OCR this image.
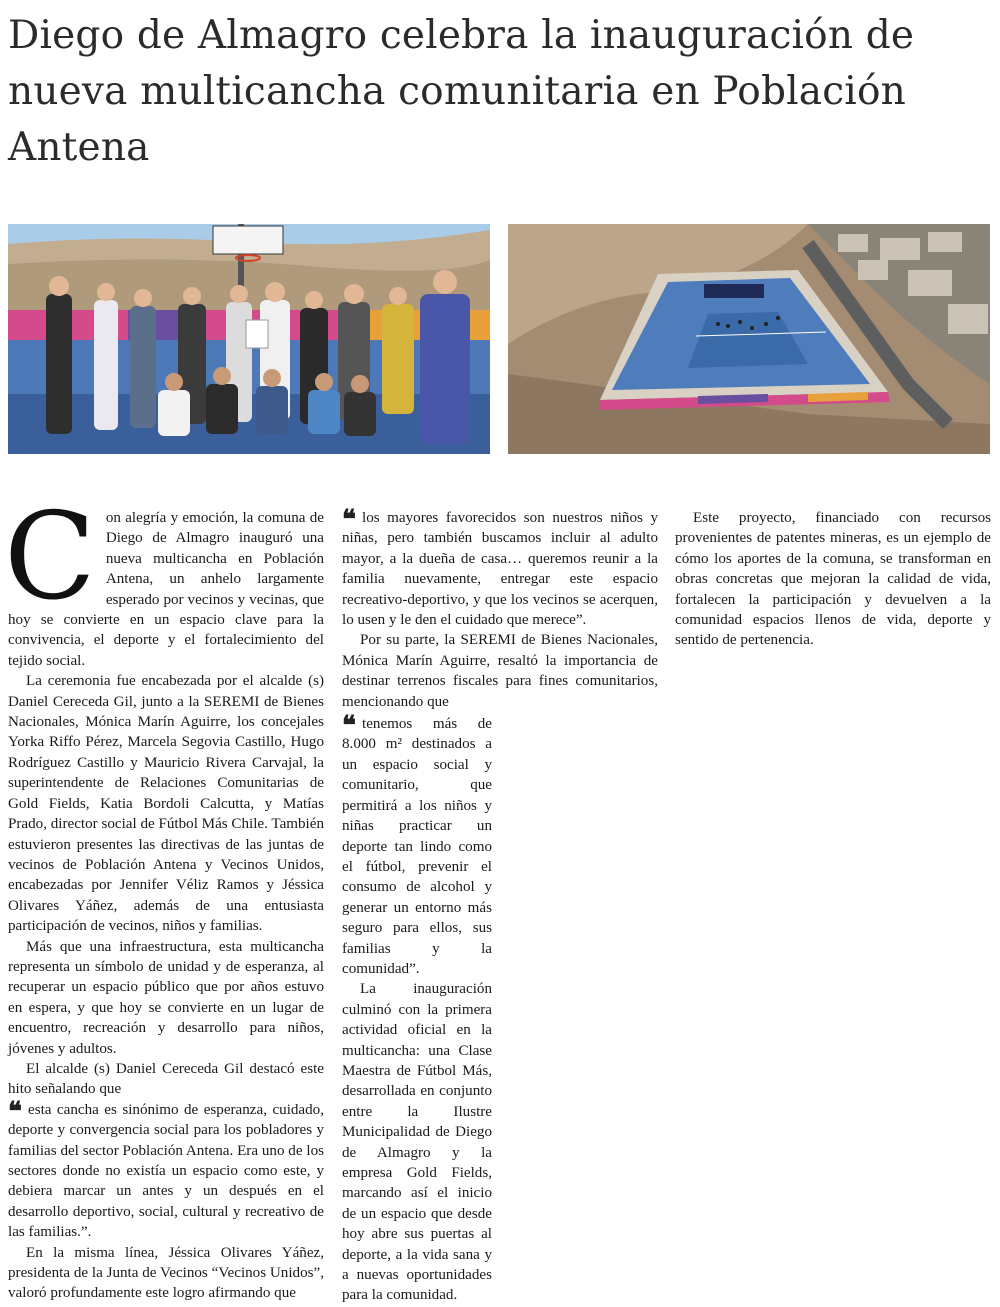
Diego de Almagro celebra la inauguración de nueva multicancha comunitaria en Población Antena

Con alegría y emoción, la comuna de Diego de Almagro inauguró una nueva multicancha en Población Antena, un anhelo largamente esperado por vecinos y vecinas, que hoy se convierte en un espacio clave para la convivencia, el deporte y el fortalecimiento del tejido social.

La ceremonia fue encabezada por el alcalde (s) Daniel Cereceda Gil, junto a la SEREMI de Bienes Nacionales, Mónica Marín Aguirre, los concejales Yorka Riffo Pérez, Marcela Segovia Castillo, Hugo Rodríguez Castillo y Mauricio Rivera Carvajal, la superintendente de Relaciones Comunitarias de Gold Fields, Katia Bordoli Calcutta, y Matías Prado, director social de Fútbol Más Chile. También estuvieron presentes las directivas de las juntas de vecinos de Población Antena y Vecinos Unidos, encabezadas por Jennifer Véliz Ramos y Jéssica Olivares Yáñez, además de una entusiasta participación de vecinos, niños y familias.

Más que una infraestructura, esta multicancha representa un símbolo de unidad y de esperanza, al recuperar un espacio público que por años estuvo en espera, y que hoy se convierte en un lugar de encuentro, recreación y desarrollo para niños, jóvenes y adultos.

El alcalde (s) Daniel Cereceda Gil destacó este hito señalando que

❝ esta cancha es sinónimo de esperanza, cuidado, deporte y convergencia social para los pobladores y familias del sector Población Antena. Era uno de los sectores donde no existía un espacio como este, y debiera marcar un antes y un después en el desarrollo deportivo, social, cultural y recreativo de las familias.”.

En la misma línea, Jéssica Olivares Yáñez, presidenta de la Junta de Vecinos “Vecinos Unidos”, valoró profundamente este logro afirmando que

❝ los mayores favorecidos son nuestros niños y niñas, pero también buscamos incluir al adulto mayor, a la dueña de casa… queremos reunir a la familia nuevamente, entregar este espacio recreativo-deportivo, y que los vecinos se acerquen, lo usen y le den el cuidado que merece”.

Por su parte, la SEREMI de Bienes Nacionales, Mónica Marín Aguirre, resaltó la importancia de destinar terrenos fiscales para fines comunitarios, mencionando que

❝ tenemos más de 8.000 m² destinados a un espacio social y comunitario, que permitirá a los niños y niñas practicar un deporte tan lindo como el fútbol, prevenir el consumo de alcohol y generar un entorno más seguro para ellos, sus familias y la comunidad”.

La inauguración culminó con la primera actividad oficial en la multicancha: una Clase Maestra de Fútbol Más, desarrollada en conjunto entre la Ilustre Municipalidad de Diego de Almagro y la empresa Gold Fields, marcando así el inicio de un espacio que desde hoy abre sus puertas al deporte, a la vida sana y a nuevas oportunidades para la comunidad.

Este proyecto, financiado con recursos provenientes de patentes mineras, es un ejemplo de cómo los aportes de la comuna, se transforman en obras concretas que mejoran la calidad de vida, fortalecen la participación y devuelven a la comunidad espacios llenos de vida, deporte y sentido de pertenencia.
